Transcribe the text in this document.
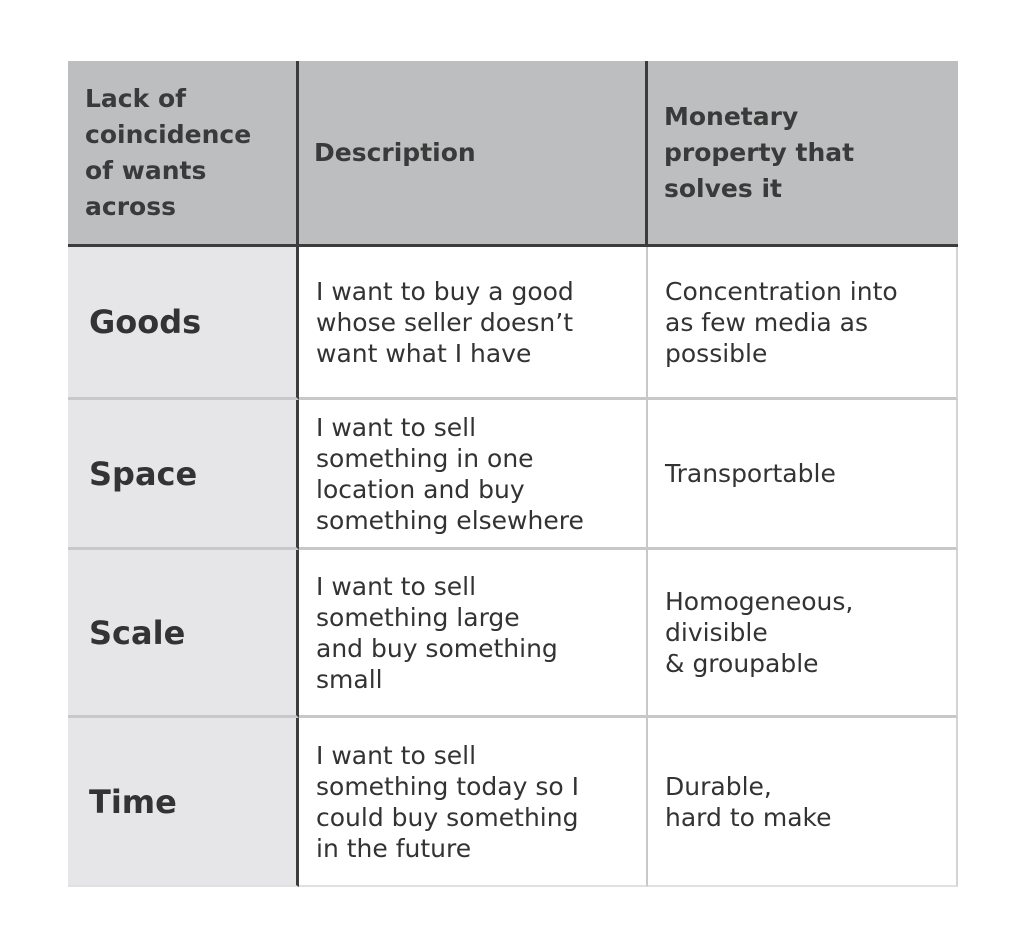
Lack of
coincidence
of wants
across
Description
Monetary
property that
solves it
Goods
I want to buy a good
whose seller doesn’t
want what I have
Concentration into
as few media as
possible
Space
I want to sell
something in one
location and buy
something elsewhere
Transportable
Scale
I want to sell
something large
and buy something
small
Homogeneous,
divisible
& groupable
Time
I want to sell
something today so I
could buy something
in the future
Durable,
hard to make
